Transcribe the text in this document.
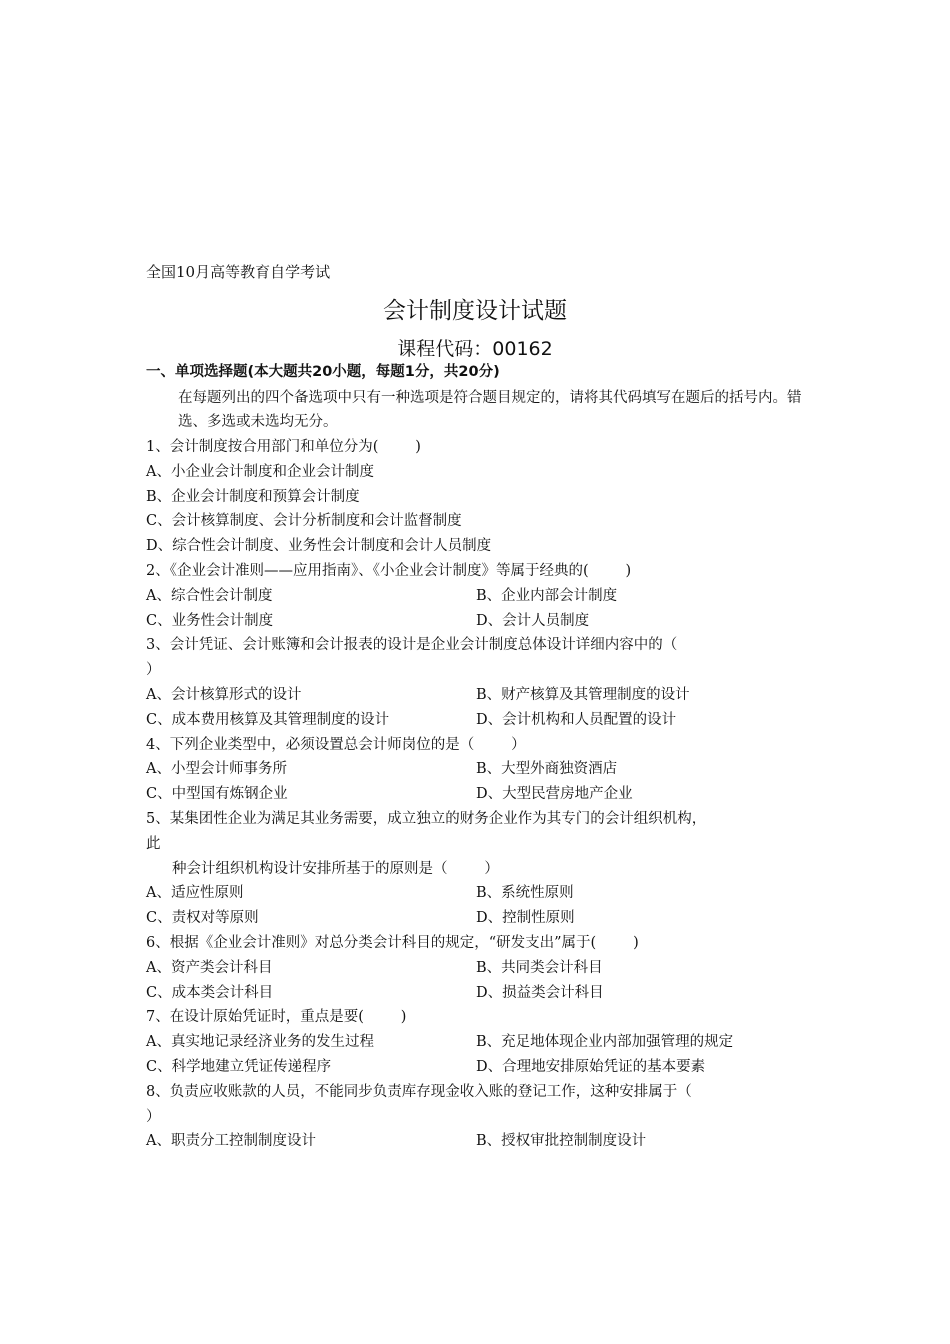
全国10月高等教育自学考试
会计制度设计试题
课程代码：00162
一、单项选择题(本大题共20小题，每题1分，共20分)
在每题列出的四个备选项中只有一种选项是符合题目规定的，请将其代码填写在题后的括号内。错选、多选或未选均无分。
1、会计制度按合用部门和单位分为(        )
A、小企业会计制度和企业会计制度
B、企业会计制度和预算会计制度
C、会计核算制度、会计分析制度和会计监督制度
D、综合性会计制度、业务性会计制度和会计人员制度
2、《企业会计准则——应用指南》、《小企业会计制度》等属于经典的(        )
A、综合性会计制度	B、企业内部会计制度
C、业务性会计制度	D、会计人员制度
3、会计凭证、会计账簿和会计报表的设计是企业会计制度总体设计详细内容中的（
）
A、会计核算形式的设计	B、财产核算及其管理制度的设计
C、成本费用核算及其管理制度的设计	D、会计机构和人员配置的设计
4、下列企业类型中，必须设置总会计师岗位的是（        ）
A、小型会计师事务所	B、大型外商独资酒店
C、中型国有炼钢企业	D、大型民营房地产企业
5、某集团性企业为满足其业务需要，成立独立的财务企业作为其专门的会计组织机构，
此
种会计组织机构设计安排所基于的原则是（        ）
A、适应性原则	B、系统性原则
C、责权对等原则	D、控制性原则
6、根据《企业会计准则》对总分类会计科目的规定，“研发支出”属于(        )
A、资产类会计科目	B、共同类会计科目
C、成本类会计科目	D、损益类会计科目
7、在设计原始凭证时，重点是要(        )
A、真实地记录经济业务的发生过程	B、充足地体现企业内部加强管理的规定
C、科学地建立凭证传递程序	D、合理地安排原始凭证的基本要素
8、负责应收账款的人员，不能同步负责库存现金收入账的登记工作，这种安排属于（
）
A、职责分工控制制度设计	B、授权审批控制制度设计
